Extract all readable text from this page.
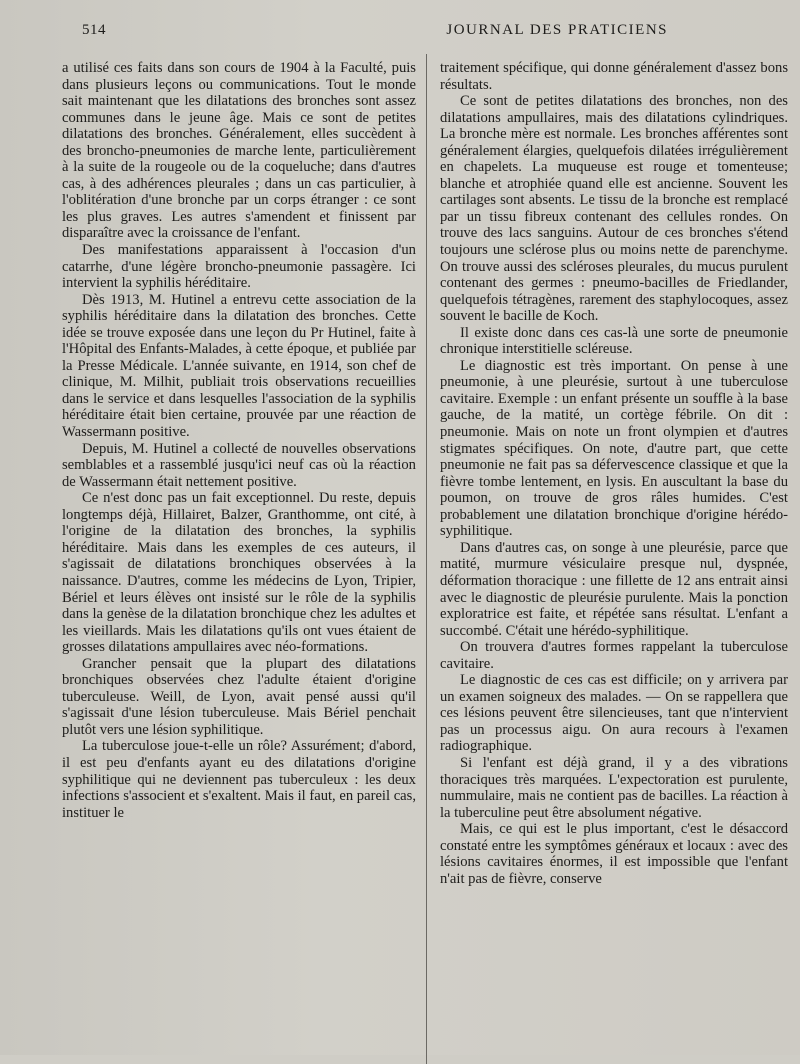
514	JOURNAL DES PRATICIENS

a utilisé ces faits dans son cours de 1904 à la Faculté, puis dans plusieurs leçons ou communications. Tout le monde sait maintenant que les dilatations des bronches sont assez communes dans le jeune âge. Mais ce sont de petites dilatations des bronches. Généralement, elles succèdent à des broncho-pneumonies de marche lente, particulièrement à la suite de la rougeole ou de la coqueluche; dans d'autres cas, à des adhérences pleurales ; dans un cas particulier, à l'oblitération d'une bronche par un corps étranger : ce sont les plus graves. Les autres s'amendent et finissent par disparaître avec la croissance de l'enfant.

Des manifestations apparaissent à l'occasion d'un catarrhe, d'une légère broncho-pneumonie passagère. Ici intervient la syphilis héréditaire.

Dès 1913, M. Hutinel a entrevu cette association de la syphilis héréditaire dans la dilatation des bronches. Cette idée se trouve exposée dans une leçon du Pr Hutinel, faite à l'Hôpital des Enfants-Malades, à cette époque, et publiée par la Presse Médicale. L'année suivante, en 1914, son chef de clinique, M. Milhit, publiait trois observations recueillies dans le service et dans lesquelles l'association de la syphilis héréditaire était bien certaine, prouvée par une réaction de Wassermann positive.

Depuis, M. Hutinel a collecté de nouvelles observations semblables et a rassemblé jusqu'ici neuf cas où la réaction de Wassermann était nettement positive.

Ce n'est donc pas un fait exceptionnel. Du reste, depuis longtemps déjà, Hillairet, Balzer, Granthomme, ont cité, à l'origine de la dilatation des bronches, la syphilis héréditaire. Mais dans les exemples de ces auteurs, il s'agissait de dilatations bronchiques observées à la naissance. D'autres, comme les médecins de Lyon, Tripier, Bériel et leurs élèves ont insisté sur le rôle de la syphilis dans la genèse de la dilatation bronchique chez les adultes et les vieillards. Mais les dilatations qu'ils ont vues étaient de grosses dilatations ampullaires avec néo-formations.

Grancher pensait que la plupart des dilatations bronchiques observées chez l'adulte étaient d'origine tuberculeuse. Weill, de Lyon, avait pensé aussi qu'il s'agissait d'une lésion tuberculeuse. Mais Bériel penchait plutôt vers une lésion syphilitique.

La tuberculose joue-t-elle un rôle? Assurément; d'abord, il est peu d'enfants ayant eu des dilatations d'origine syphilitique qui ne deviennent pas tuberculeux : les deux infections s'associent et s'exaltent. Mais il faut, en pareil cas, instituer le

traitement spécifique, qui donne généralement d'assez bons résultats.

Ce sont de petites dilatations des bronches, non des dilatations ampullaires, mais des dilatations cylindriques. La bronche mère est normale. Les bronches afférentes sont généralement élargies, quelquefois dilatées irrégulièrement en chapelets. La muqueuse est rouge et tomenteuse; blanche et atrophiée quand elle est ancienne. Souvent les cartilages sont absents. Le tissu de la bronche est remplacé par un tissu fibreux contenant des cellules rondes. On trouve des lacs sanguins. Autour de ces bronches s'étend toujours une sclérose plus ou moins nette de parenchyme. On trouve aussi des scléroses pleurales, du mucus purulent contenant des germes : pneumo-bacilles de Friedlander, quelquefois tétragènes, rarement des staphylocoques, assez souvent le bacille de Koch.

Il existe donc dans ces cas-là une sorte de pneumonie chronique interstitielle scléreuse.

Le diagnostic est très important. On pense à une pneumonie, à une pleurésie, surtout à une tuberculose cavitaire. Exemple : un enfant présente un souffle à la base gauche, de la matité, un cortège fébrile. On dit : pneumonie. Mais on note un front olympien et d'autres stigmates spécifiques. On note, d'autre part, que cette pneumonie ne fait pas sa défervescence classique et que la fièvre tombe lentement, en lysis. En auscultant la base du poumon, on trouve de gros râles humides. C'est probablement une dilatation bronchique d'origine hérédo-syphilitique.

Dans d'autres cas, on songe à une pleurésie, parce que matité, murmure vésiculaire presque nul, dyspnée, déformation thoracique : une fillette de 12 ans entrait ainsi avec le diagnostic de pleurésie purulente. Mais la ponction exploratrice est faite, et répétée sans résultat. L'enfant a succombé. C'était une hérédo-syphilitique.

On trouvera d'autres formes rappelant la tuberculose cavitaire.

Le diagnostic de ces cas est difficile; on y arrivera par un examen soigneux des malades. — On se rappellera que ces lésions peuvent être silencieuses, tant que n'intervient pas un processus aigu. On aura recours à l'examen radiographique.

Si l'enfant est déjà grand, il y a des vibrations thoraciques très marquées. L'expectoration est purulente, nummulaire, mais ne contient pas de bacilles. La réaction à la tuberculine peut être absolument négative.

Mais, ce qui est le plus important, c'est le désaccord constaté entre les symptômes généraux et locaux : avec des lésions cavitaires énormes, il est impossible que l'enfant n'ait pas de fièvre, conserve
